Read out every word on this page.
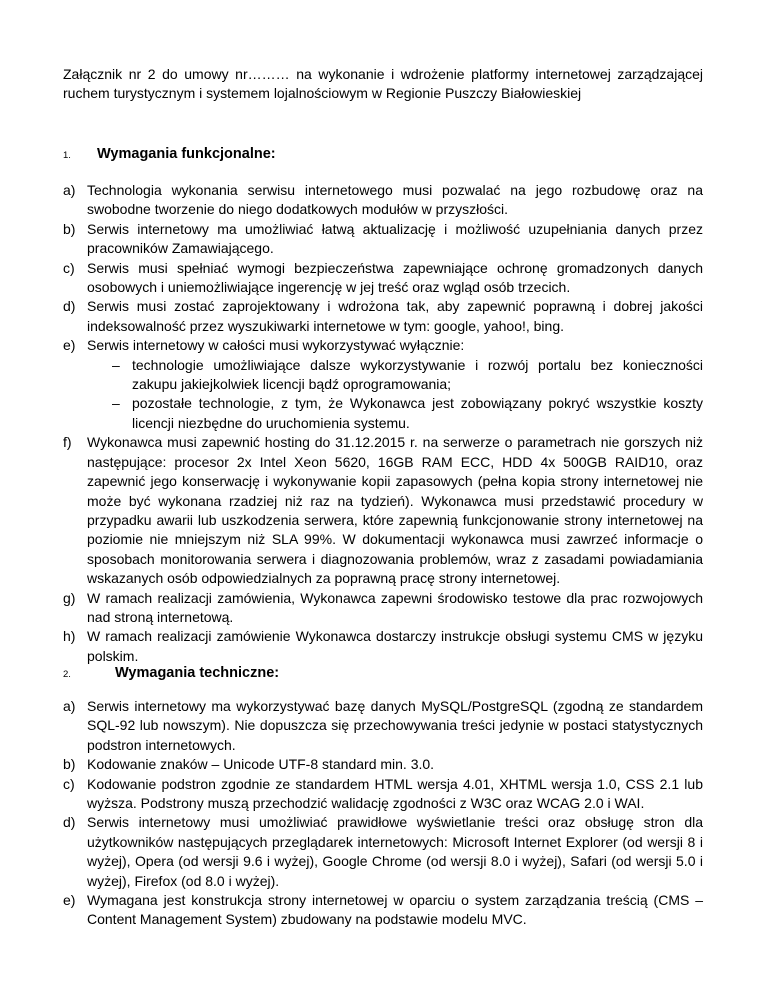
Załącznik nr 2 do umowy nr……… na wykonanie i wdrożenie platformy internetowej zarządzającej ruchem turystycznym i systemem lojalnościowym w Regionie Puszczy Białowieskiej

1.	Wymagania funkcjonalne:
a) Technologia wykonania serwisu internetowego musi pozwalać na jego rozbudowę oraz na swobodne tworzenie do niego dodatkowych modułów w przyszłości.
b) Serwis internetowy ma umożliwiać łatwą aktualizację i możliwość uzupełniania danych przez pracowników Zamawiającego.
c) Serwis musi spełniać wymogi bezpieczeństwa zapewniające ochronę gromadzonych danych osobowych i uniemożliwiające ingerencję w jej treść oraz wgląd osób trzecich.
d) Serwis musi zostać zaprojektowany i wdrożona tak, aby zapewnić poprawną i dobrej jakości indeksowalność przez wyszukiwarki internetowe w tym: google, yahoo!, bing.
e) Serwis internetowy w całości musi wykorzystywać wyłącznie:
– technologie umożliwiające dalsze wykorzystywanie i rozwój portalu bez konieczności zakupu jakiejkolwiek licencji bądź oprogramowania;
– pozostałe technologie, z tym, że Wykonawca jest zobowiązany pokryć wszystkie koszty licencji niezbędne do uruchomienia systemu.
f)	Wykonawca musi zapewnić hosting do 31.12.2015 r. na serwerze o parametrach nie gorszych niż następujące: procesor 2x Intel Xeon 5620, 16GB RAM ECC, HDD 4x 500GB RAID10, oraz zapewnić jego konserwację i wykonywanie kopii zapasowych (pełna kopia strony internetowej nie może być wykonana rzadziej niż raz na tydzień). Wykonawca musi przedstawić procedury w przypadku awarii lub uszkodzenia serwera, które zapewnią funkcjonowanie strony internetowej na poziomie nie mniejszym niż SLA 99%. W dokumentacji wykonawca musi zawrzeć informacje o sposobach monitorowania serwera i diagnozowania problemów, wraz z zasadami powiadamiania wskazanych osób odpowiedzialnych za poprawną pracę strony internetowej.
g) W ramach realizacji zamówienia, Wykonawca zapewni środowisko testowe dla prac rozwojowych nad stroną internetową.
h) W ramach realizacji zamówienie Wykonawca dostarczy instrukcje obsługi systemu CMS w języku polskim.
2.	Wymagania techniczne:
a) Serwis internetowy ma wykorzystywać bazę danych MySQL/PostgreSQL (zgodną ze standardem SQL-92 lub nowszym). Nie dopuszcza się przechowywania treści jedynie w postaci statystycznych podstron internetowych.
b) Kodowanie znaków – Unicode UTF-8 standard min. 3.0.
c) Kodowanie podstron zgodnie ze standardem HTML wersja 4.01, XHTML wersja 1.0, CSS 2.1 lub wyższa. Podstrony muszą przechodzić walidację zgodności z W3C oraz WCAG 2.0 i WAI.
d) Serwis internetowy musi umożliwiać prawidłowe wyświetlanie treści oraz obsługę stron dla użytkowników następujących przeglądarek internetowych: Microsoft Internet Explorer (od wersji 8 i wyżej), Opera (od wersji 9.6 i wyżej), Google Chrome (od wersji 8.0 i wyżej), Safari (od wersji 5.0 i wyżej), Firefox (od 8.0 i wyżej).
e) Wymagana jest konstrukcja strony internetowej w oparciu o system zarządzania treścią (CMS – Content Management System) zbudowany na podstawie modelu MVC.
